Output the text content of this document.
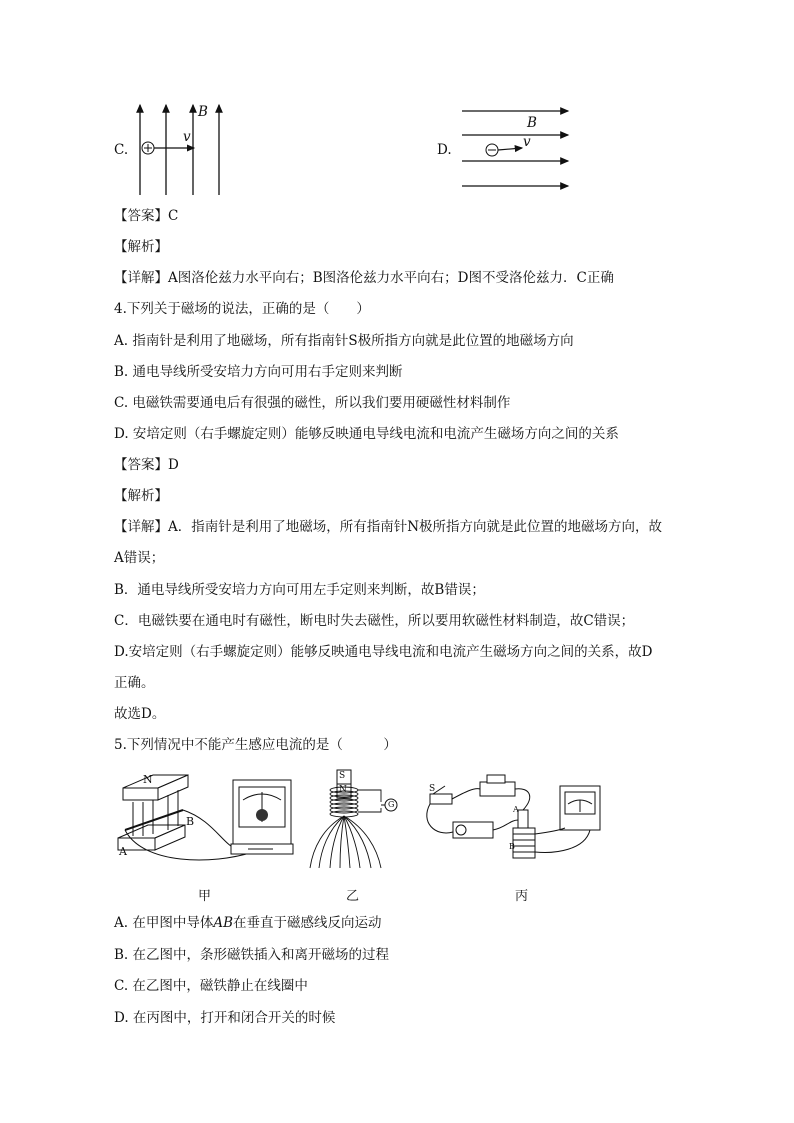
C.
B
v
D.
B
v
【答案】C
【解析】
【详解】A图洛伦兹力水平向右；B图洛伦兹力水平向右；D图不受洛伦兹力．C正确
4.下列关于磁场的说法，正确的是（　　）
A. 指南针是利用了地磁场，所有指南针S极所指方向就是此位置的地磁场方向
B. 通电导线所受安培力方向可用右手定则来判断
C. 电磁铁需要通电后有很强的磁性，所以我们要用硬磁性材料制作
D. 安培定则（右手螺旋定则）能够反映通电导线电流和电流产生磁场方向之间的关系
【答案】D
【解析】
【详解】A．指南针是利用了地磁场，所有指南针N极所指方向就是此位置的地磁场方向，故
A错误；
B．通电导线所受安培力方向可用左手定则来判断，故B错误；
C．电磁铁要在通电时有磁性，断电时失去磁性，所以要用软磁性材料制造，故C错误；
D.安培定则（右手螺旋定则）能够反映通电导线电流和电流产生磁场方向之间的关系，故D
正确。
故选D。
5.下列情况中不能产生感应电流的是（　　　）
N
B
A
S
N
G
S
A
B
甲	乙	丙
A. 在甲图中导体AB在垂直于磁感线反向运动
B. 在乙图中，条形磁铁插入和离开磁场的过程
C. 在乙图中，磁铁静止在线圈中
D. 在丙图中，打开和闭合开关的时候
